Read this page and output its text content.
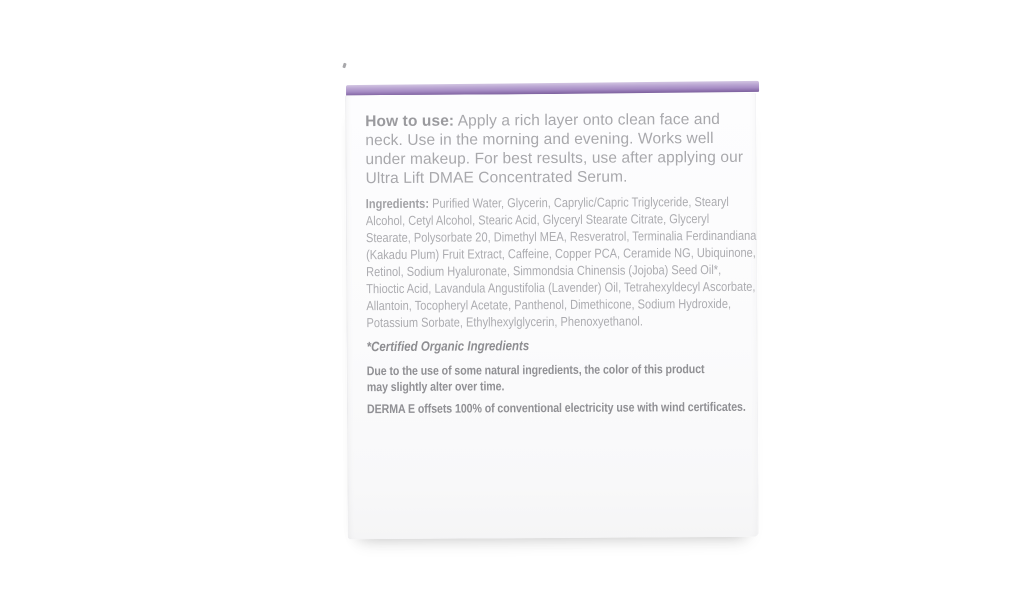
How to use: Apply a rich layer onto clean face and neck. Use in the morning and evening. Works well under makeup. For best results, use after applying our Ultra Lift DMAE Concentrated Serum.

Ingredients: Purified Water, Glycerin, Caprylic/Capric Triglyceride, Stearyl Alcohol, Cetyl Alcohol, Stearic Acid, Glyceryl Stearate Citrate, Glyceryl Stearate, Polysorbate 20, Dimethyl MEA, Resveratrol, Terminalia Ferdinandiana (Kakadu Plum) Fruit Extract, Caffeine, Copper PCA, Ceramide NG, Ubiquinone, Retinol, Sodium Hyaluronate, Simmondsia Chinensis (Jojoba) Seed Oil*, Thioctic Acid, Lavandula Angustifolia (Lavender) Oil, Tetrahexyldecyl Ascorbate, Allantoin, Tocopheryl Acetate, Panthenol, Dimethicone, Sodium Hydroxide, Potassium Sorbate, Ethylhexylglycerin, Phenoxyethanol.

*Certified Organic Ingredients

Due to the use of some natural ingredients, the color of this product may slightly alter over time.

DERMA E offsets 100% of conventional electricity use with wind certificates.
